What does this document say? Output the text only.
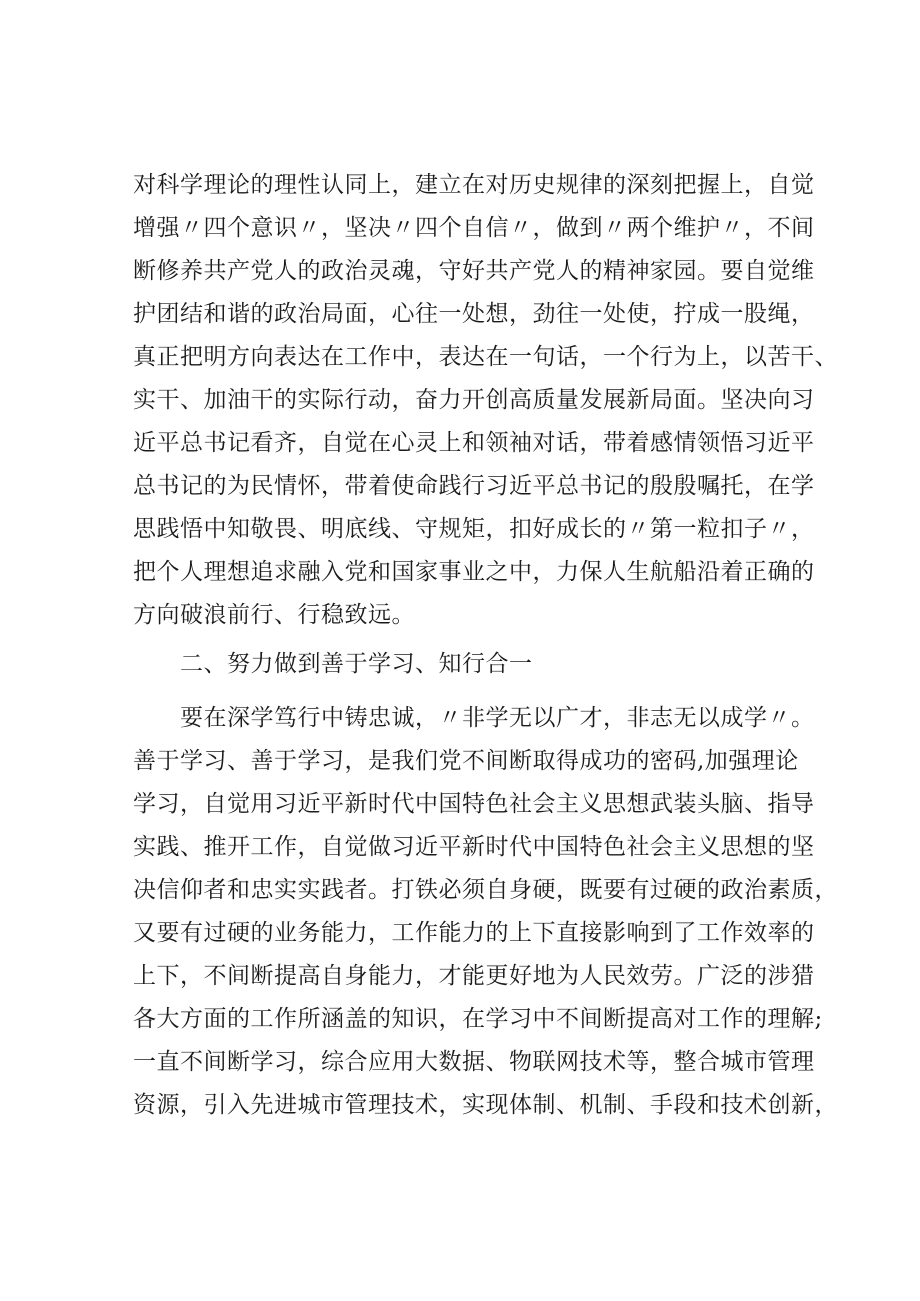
对科学理论的理性认同上，建立在对历史规律的深刻把握上，自觉
增强〃四个意识〃，坚决〃四个自信〃，做到〃两个维护〃，不间
断修养共产党人的政治灵魂，守好共产党人的精神家园。要自觉维
护团结和谐的政治局面，心往一处想，劲往一处使，拧成一股绳，
真正把明方向表达在工作中，表达在一句话，一个行为上，以苦干、
实干、加油干的实际行动，奋力开创高质量发展新局面。坚决向习
近平总书记看齐，自觉在心灵上和领袖对话，带着感情领悟习近平
总书记的为民情怀，带着使命践行习近平总书记的殷殷嘱托，在学
思践悟中知敬畏、明底线、守规矩，扣好成长的〃第一粒扣子〃，
把个人理想追求融入党和国家事业之中，力保人生航船沿着正确的
方向破浪前行、行稳致远。
二、努力做到善于学习、知行合一
要在深学笃行中铸忠诚，〃非学无以广才，非志无以成学〃。
善于学习、善于学习，是我们党不间断取得成功的密码,加强理论
学习，自觉用习近平新时代中国特色社会主义思想武装头脑、指导
实践、推开工作，自觉做习近平新时代中国特色社会主义思想的坚
决信仰者和忠实实践者。打铁必须自身硬，既要有过硬的政治素质，
又要有过硬的业务能力，工作能力的上下直接影响到了工作效率的
上下，不间断提高自身能力，才能更好地为人民效劳。广泛的涉猎
各大方面的工作所涵盖的知识，在学习中不间断提高对工作的理解;
一直不间断学习，综合应用大数据、物联网技术等，整合城市管理
资源，引入先进城市管理技术，实现体制、机制、手段和技术创新，
